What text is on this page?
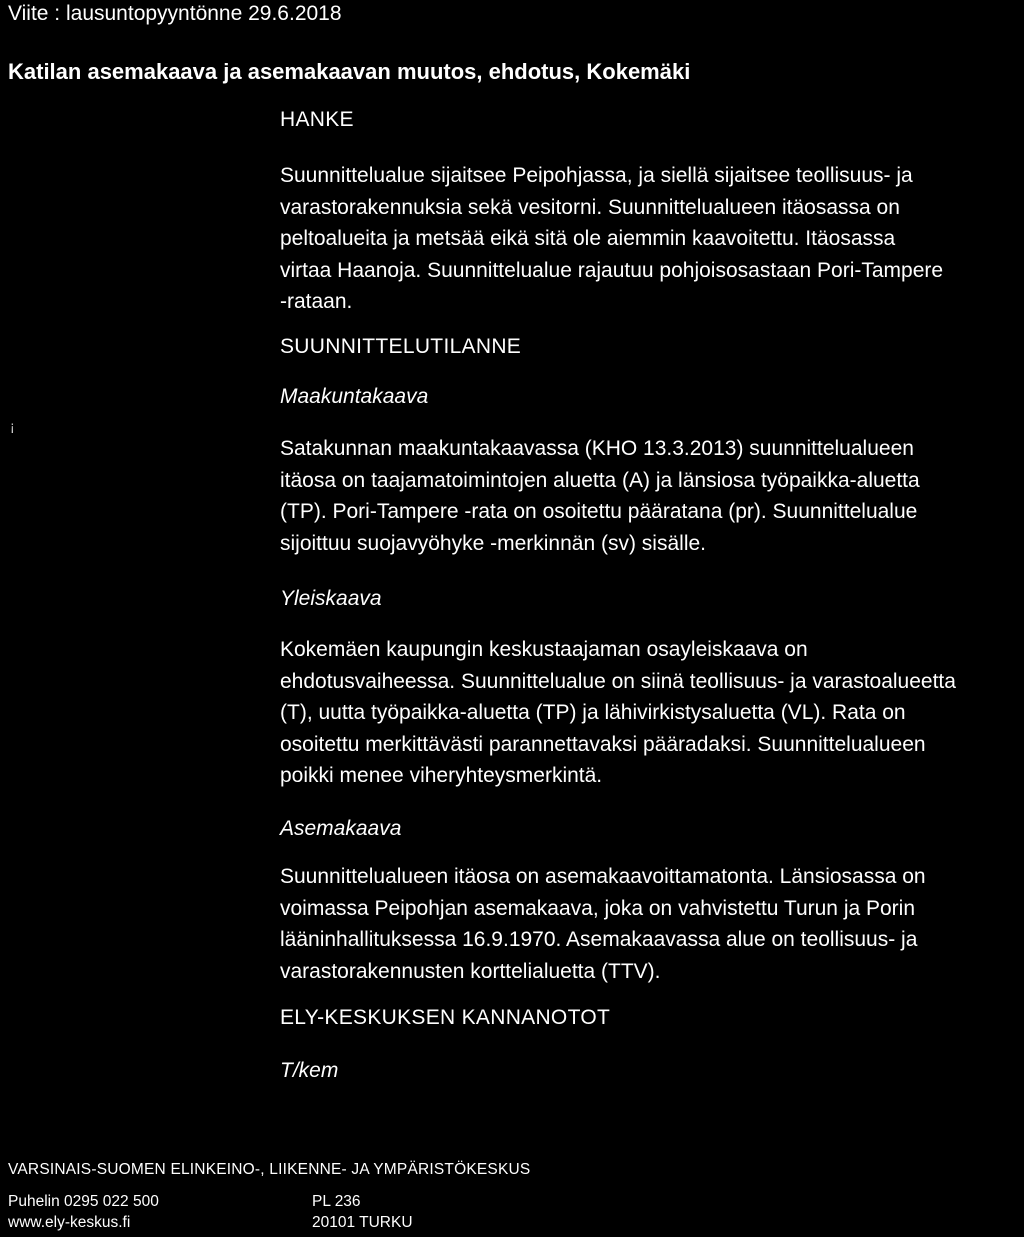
Viite : lausuntopyyntönne 29.6.2018
Katilan asemakaava ja asemakaavan muutos, ehdotus, Kokemäki
HANKE
Suunnittelualue sijaitsee Peipohjassa, ja siellä sijaitsee teollisuus- ja
varastorakennuksia sekä vesitorni. Suunnittelualueen itäosassa on
peltoalueita ja metsää eikä sitä ole aiemmin kaavoitettu. Itäosassa
virtaa Haanoja. Suunnittelualue rajautuu pohjoisosastaan Pori-Tampere
-rataan.
SUUNNITTELUTILANNE
Maakuntakaava
¡
Satakunnan maakuntakaavassa (KHO 13.3.2013) suunnittelualueen
itäosa on taajamatoimintojen aluetta (A) ja länsiosa työpaikka-aluetta
(TP). Pori-Tampere -rata on osoitettu pääratana (pr). Suunnittelualue
sijoittuu suojavyöhyke -merkinnän (sv) sisälle.
Yleiskaava
Kokemäen kaupungin keskustaajaman osayleiskaava on
ehdotusvaiheessa. Suunnittelualue on siinä teollisuus- ja varastoalueetta
(T), uutta työpaikka-aluetta (TP) ja lähivirkistysaluetta (VL). Rata on
osoitettu merkittävästi parannettavaksi pääradaksi. Suunnittelualueen
poikki menee viheryhteysmerkintä.
Asemakaava
Suunnittelualueen itäosa on asemakaavoittamatonta. Länsiosassa on
voimassa Peipohjan asemakaava, joka on vahvistettu Turun ja Porin
lääninhallituksessa 16.9.1970. Asemakaavassa alue on teollisuus- ja
varastorakennusten korttelialuetta (TTV).
ELY-KESKUKSEN KANNANOTOT
T/kem
VARSINAIS-SUOMEN ELINKEINO-, LIIKENNE- JA YMPÄRISTÖKESKUS
Puhelin 0295 022 500
www.ely-keskus.fi
PL 236
20101 TURKU
